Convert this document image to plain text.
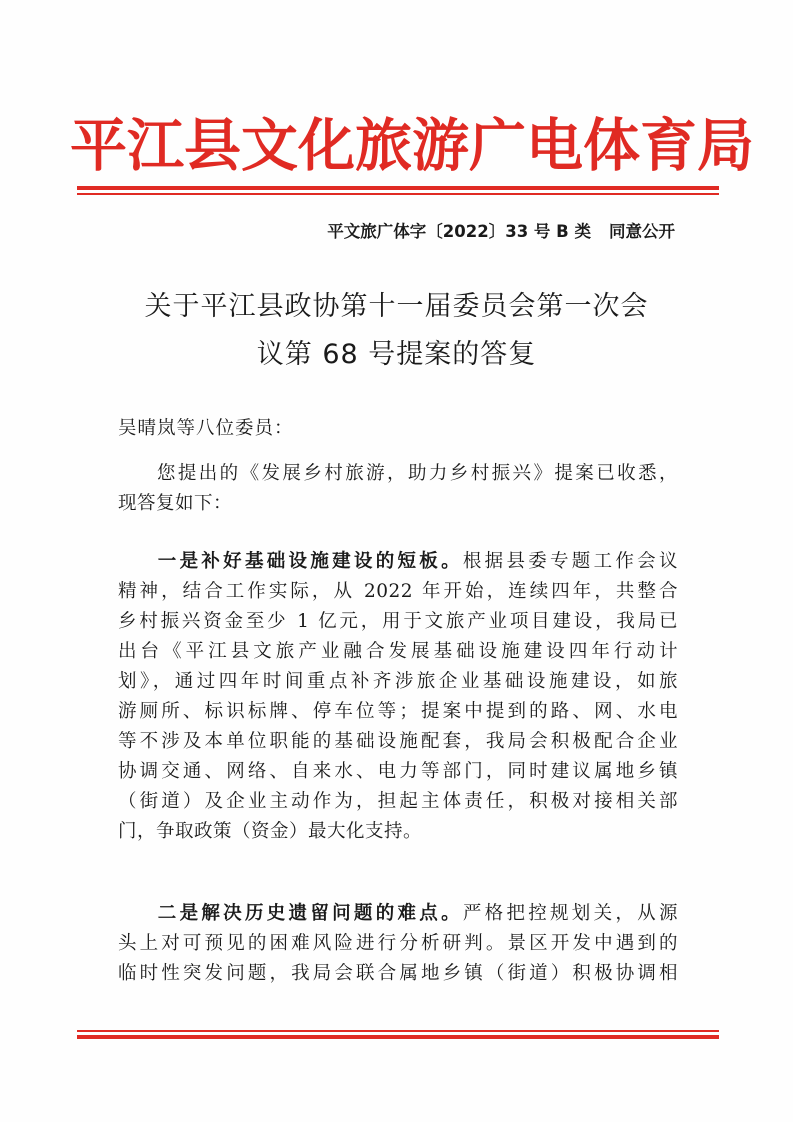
平江县文化旅游广电体育局
平文旅广体字〔2022〕33 号 B 类 同意公开
关于平江县政协第十一届委员会第一次会
议第 68 号提案的答复
吴晴岚等八位委员：
您提出的《发展乡村旅游，助力乡村振兴》提案已收悉，
现答复如下：
一是补好基础设施建设的短板。根据县委专题工作会议
精神，结合工作实际，从 2022 年开始，连续四年，共整合
乡村振兴资金至少 1 亿元，用于文旅产业项目建设，我局已
出台《平江县文旅产业融合发展基础设施建设四年行动计
划》，通过四年时间重点补齐涉旅企业基础设施建设，如旅
游厕所、标识标牌、停车位等；提案中提到的路、网、水电
等不涉及本单位职能的基础设施配套，我局会积极配合企业
协调交通、网络、自来水、电力等部门，同时建议属地乡镇
（街道）及企业主动作为，担起主体责任，积极对接相关部
门，争取政策（资金）最大化支持。
二是解决历史遗留问题的难点。严格把控规划关，从源
头上对可预见的困难风险进行分析研判。景区开发中遇到的
临时性突发问题，我局会联合属地乡镇（街道）积极协调相
